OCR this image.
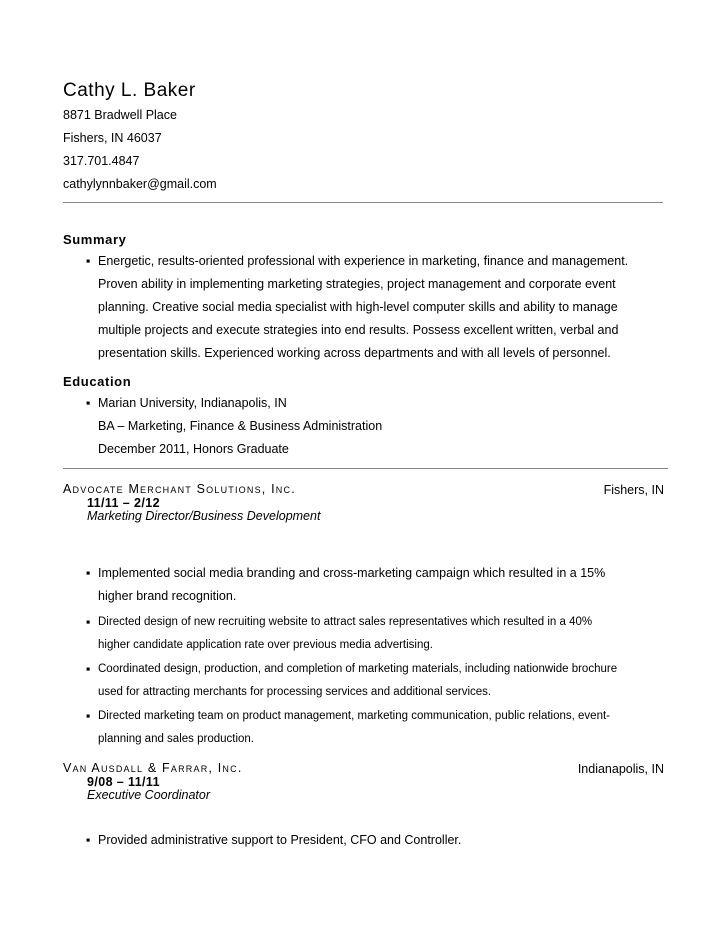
Cathy L. Baker
8871 Bradwell Place
Fishers, IN 46037
317.701.4847
cathylynnbaker@gmail.com
Summary
▪ Energetic, results-oriented professional with experience in marketing, finance and management.
Proven ability in implementing marketing strategies, project management and corporate event
planning. Creative social media specialist with high-level computer skills and ability to manage
multiple projects and execute strategies into end results. Possess excellent written, verbal and
presentation skills. Experienced working across departments and with all levels of personnel.
Education
▪ Marian University, Indianapolis, IN
BA – Marketing, Finance & Business Administration
December 2011, Honors Graduate
Advocate Merchant Solutions, Inc.	Fishers, IN
11/11 – 2/12
Marketing Director/Business Development
▪ Implemented social media branding and cross-marketing campaign which resulted in a 15%
higher brand recognition.
▪ Directed design of new recruiting website to attract sales representatives which resulted in a 40%
higher candidate application rate over previous media advertising.
▪ Coordinated design, production, and completion of marketing materials, including nationwide brochure
used for attracting merchants for processing services and additional services.
▪ Directed marketing team on product management, marketing communication, public relations, event-
planning and sales production.
Van Ausdall & Farrar, Inc.	Indianapolis, IN
9/08 – 11/11
Executive Coordinator
▪ Provided administrative support to President, CFO and Controller.
